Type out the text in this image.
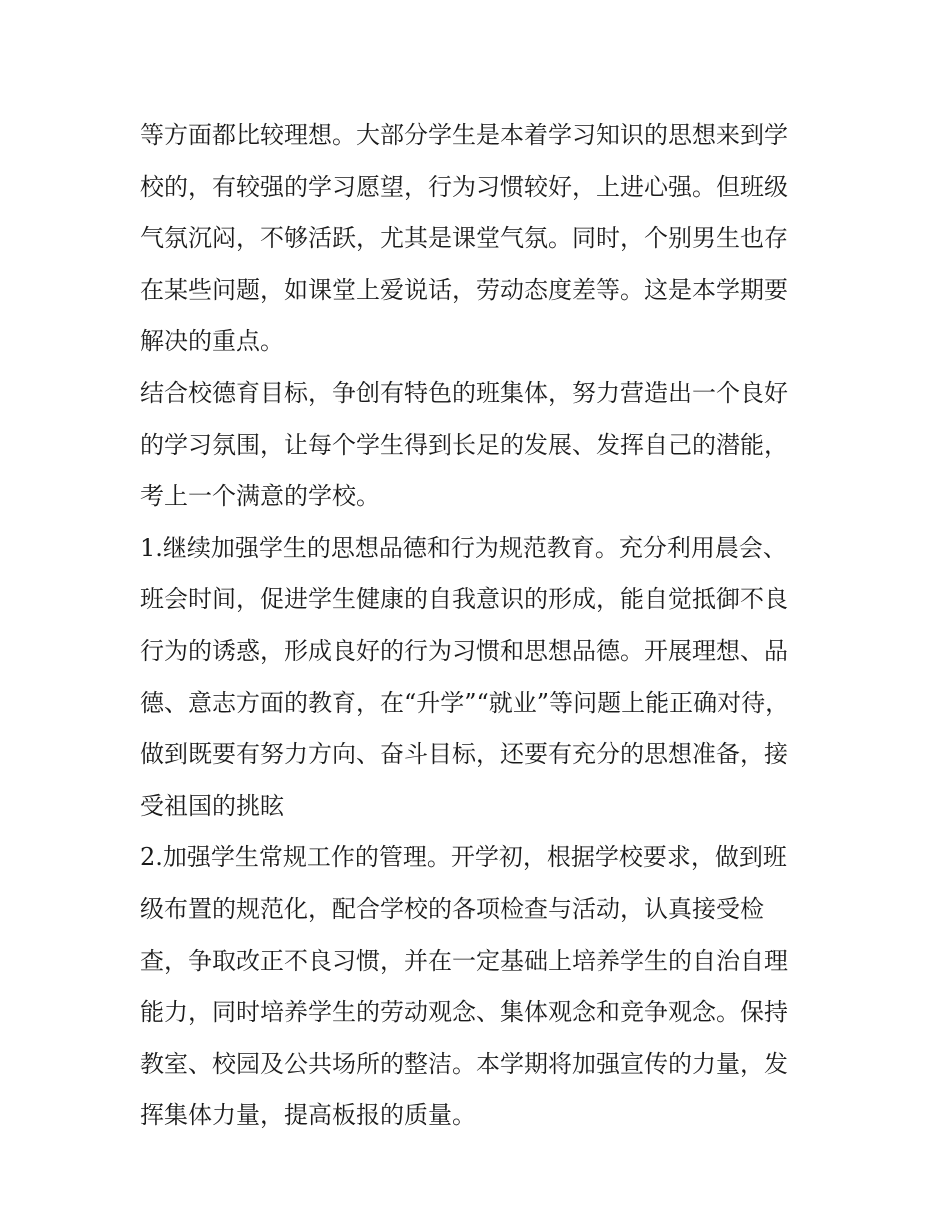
等方面都比较理想。大部分学生是本着学习知识的思想来到学
校的，有较强的学习愿望，行为习惯较好，上进心强。但班级
气氛沉闷，不够活跃，尤其是课堂气氛。同时，个别男生也存
在某些问题，如课堂上爱说话，劳动态度差等。这是本学期要
解决的重点。
结合校德育目标，争创有特色的班集体，努力营造出一个良好
的学习氛围，让每个学生得到长足的发展、发挥自己的潜能，
考上一个满意的学校。
1.继续加强学生的思想品德和行为规范教育。充分利用晨会、
班会时间，促进学生健康的自我意识的形成，能自觉抵御不良
行为的诱惑，形成良好的行为习惯和思想品德。开展理想、品
德、意志方面的教育，在“升学”“就业”等问题上能正确对待，
做到既要有努力方向、奋斗目标，还要有充分的思想准备，接
受祖国的挑眩
2.加强学生常规工作的管理。开学初，根据学校要求，做到班
级布置的规范化，配合学校的各项检查与活动，认真接受检
查，争取改正不良习惯，并在一定基础上培养学生的自治自理
能力，同时培养学生的劳动观念、集体观念和竞争观念。保持
教室、校园及公共场所的整洁。本学期将加强宣传的力量，发
挥集体力量，提高板报的质量。
